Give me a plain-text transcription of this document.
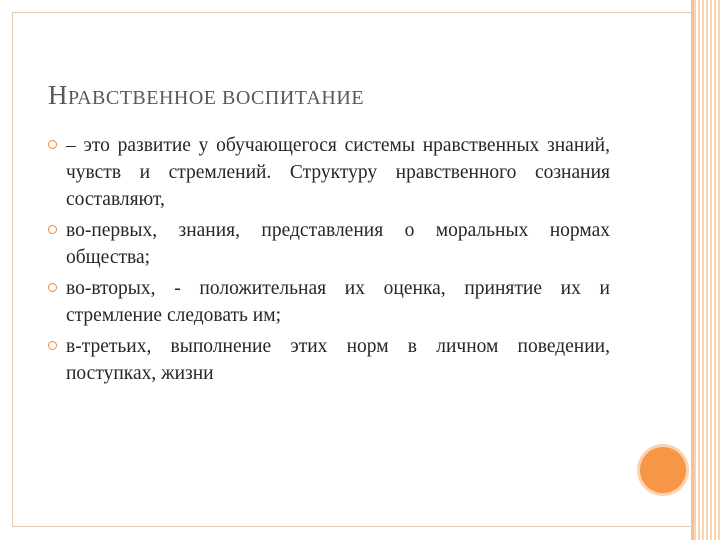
НРАВСТВЕННОЕ ВОСПИТАНИЕ
– это развитие у обучающегося системы нравственных знаний, чувств и стремлений. Структуру нравственного сознания составляют,
во-первых, знания, представления о моральных нормах общества;
во-вторых, - положительная их оценка, принятие их и стремление следовать им;
в-третьих, выполнение этих норм в личном поведении, поступках, жизни
